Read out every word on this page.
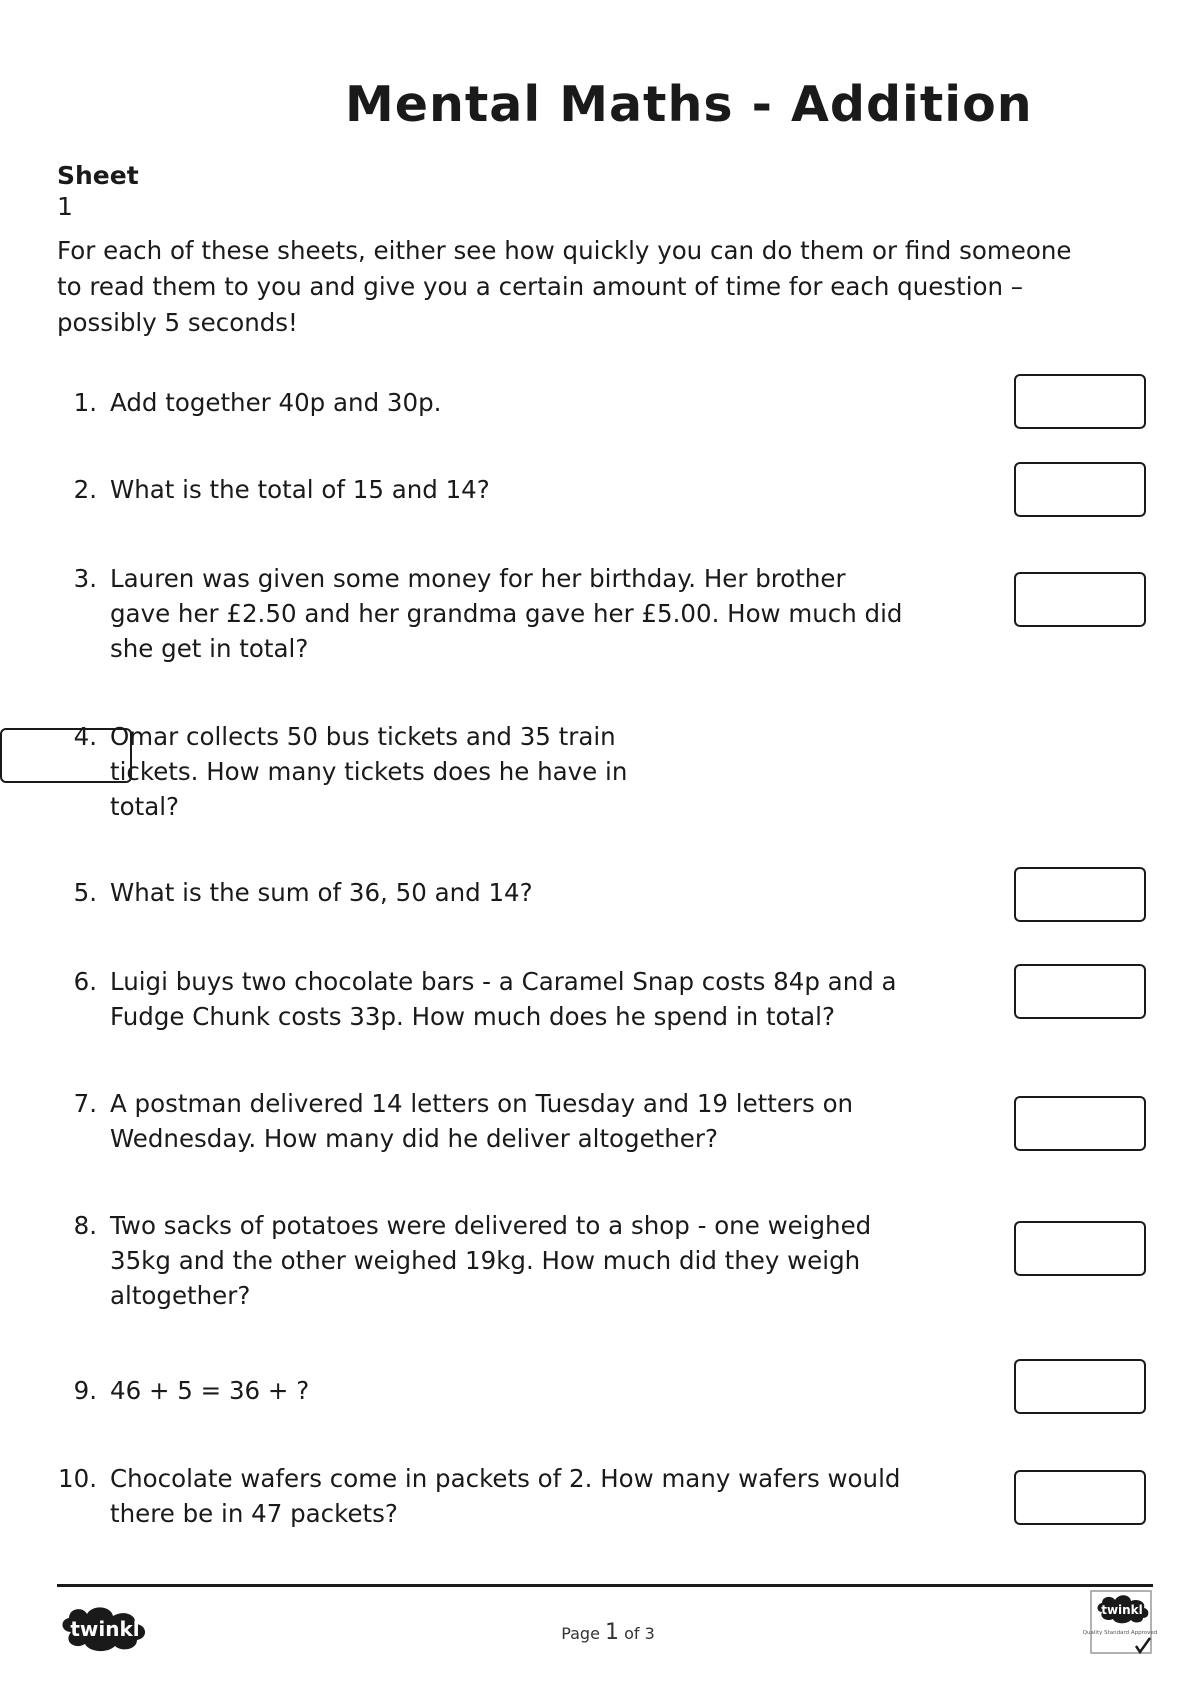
Mental Maths - Addition
Sheet
1
For each of these sheets, either see how quickly you can do them or find someone
to read them to you and give you a certain amount of time for each question –
possibly 5 seconds!
1. Add together 40p and 30p.
2. What is the total of 15 and 14?
3. Lauren was given some money for her birthday. Her brother
gave her £2.50 and her grandma gave her £5.00. How much did
she get in total?
4. Omar collects 50 bus tickets and 35 train
tickets. How many tickets does he have in
total?
5. What is the sum of 36, 50 and 14?
6. Luigi buys two chocolate bars - a Caramel Snap costs 84p and a
Fudge Chunk costs 33p. How much does he spend in total?
7. A postman delivered 14 letters on Tuesday and 19 letters on
Wednesday. How many did he deliver altogether?
8. Two sacks of potatoes were delivered to a shop - one weighed
35kg and the other weighed 19kg. How much did they weigh
altogether?
9. 46 + 5 = 36 + ?
10. Chocolate wafers come in packets of 2. How many wafers would
there be in 47 packets?
twinkl	Page 1 of 3
twinkl
Quality Standard Approved
